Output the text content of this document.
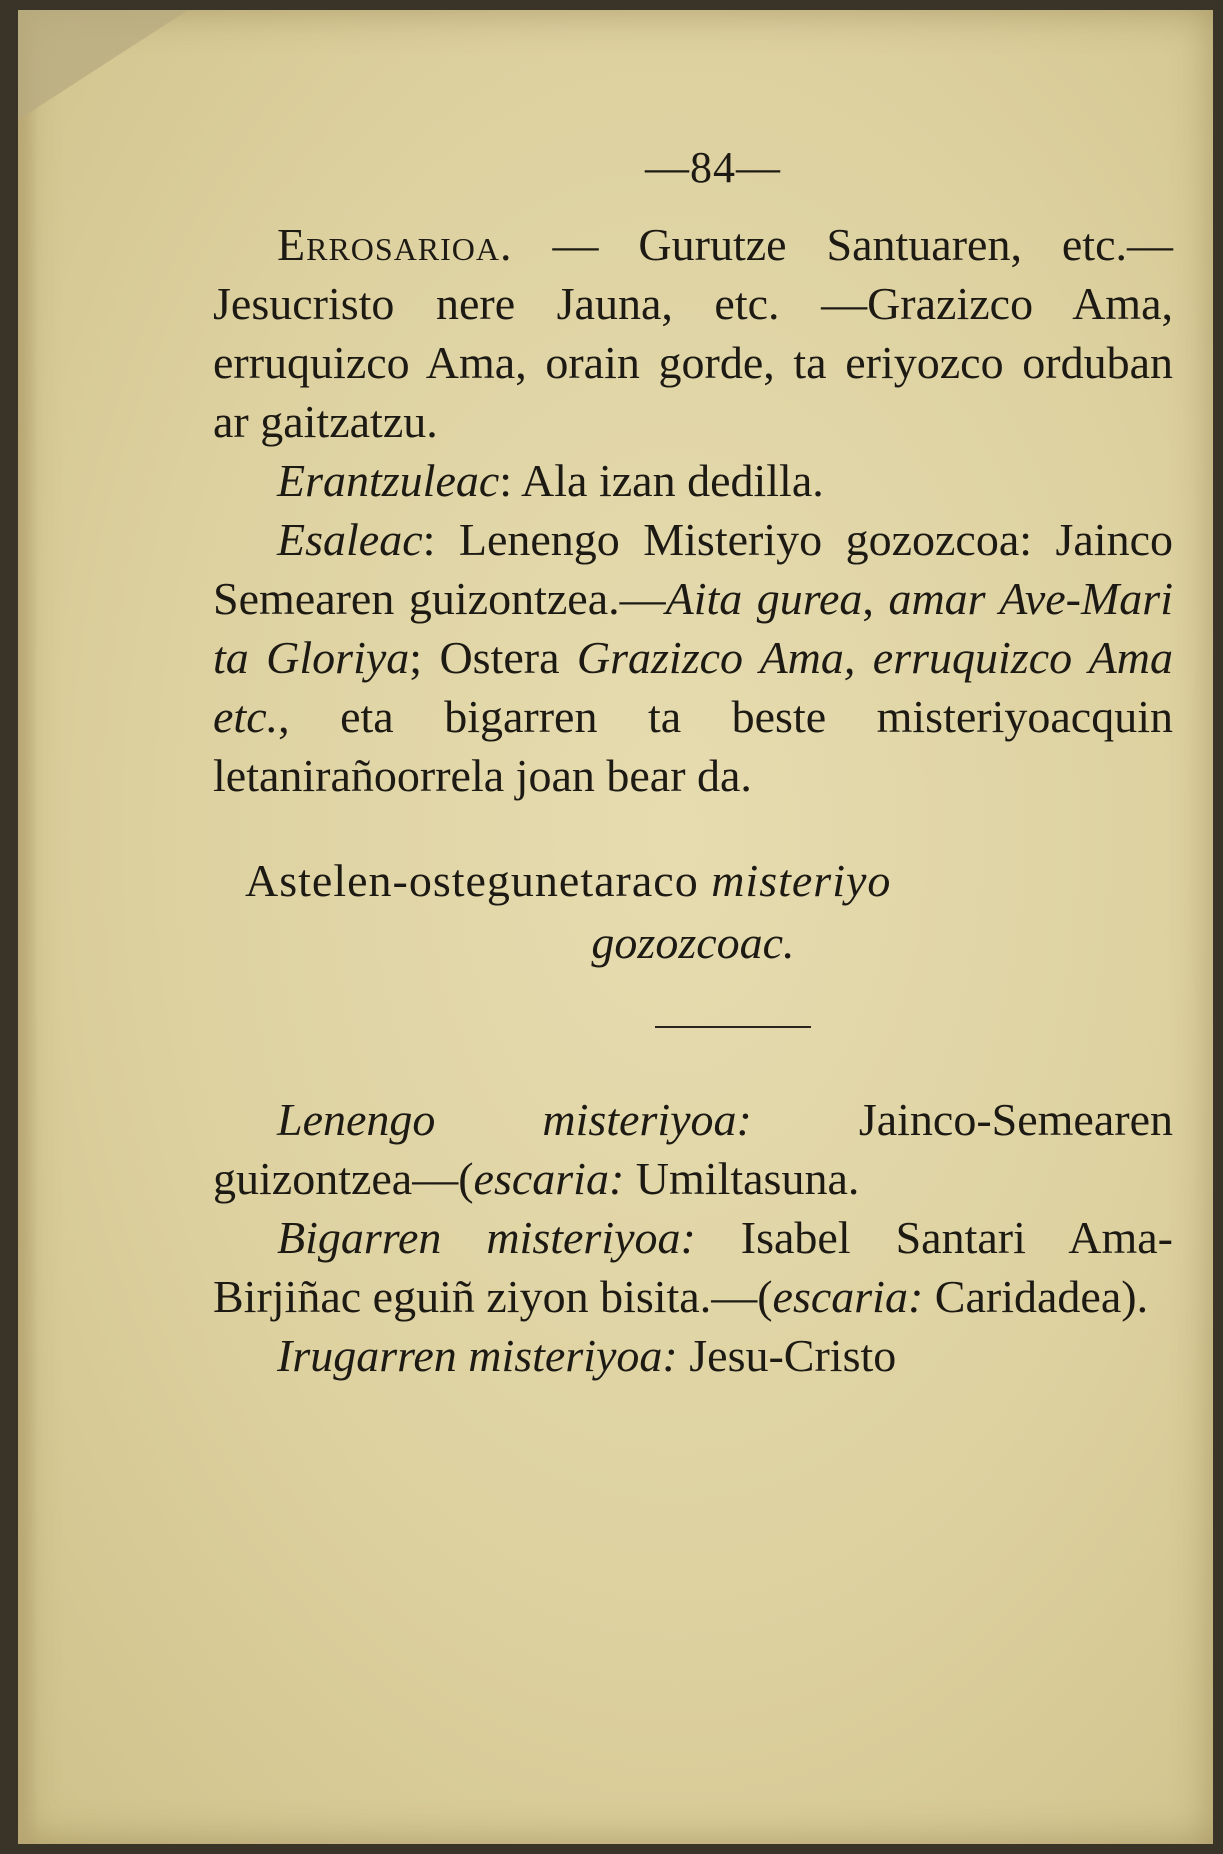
—84—

Errosarioa. — Gurutze Santuaren, etc.—Jesucristo nere Jauna, etc. —Grazizco Ama, erruquizco Ama, orain gorde, ta eriyozco orduban ar gaitzatzu.

Erantzuleac: Ala izan dedilla.

Esaleac: Lenengo Misteriyo gozozcoa: Jainco Semearen guizontzea.—Aita gurea, amar Ave-Mari ta Gloriya; Ostera Grazizco Ama, erruquizco Ama etc., eta bigarren ta beste misteriyoacquin letanirañoorrela joan bear da.

Astelen-ostegunetaraco misteriyo
gozozcoac.

Lenengo misteriyoa: Jainco-Semearen guizontzea—(escaria: Umiltasuna.

Bigarren misteriyoa: Isabel Santari Ama-Birjiñac eguiñ ziyon bisita.—(escaria: Caridadea).

Irugarren misteriyoa: Jesu-Cristo
